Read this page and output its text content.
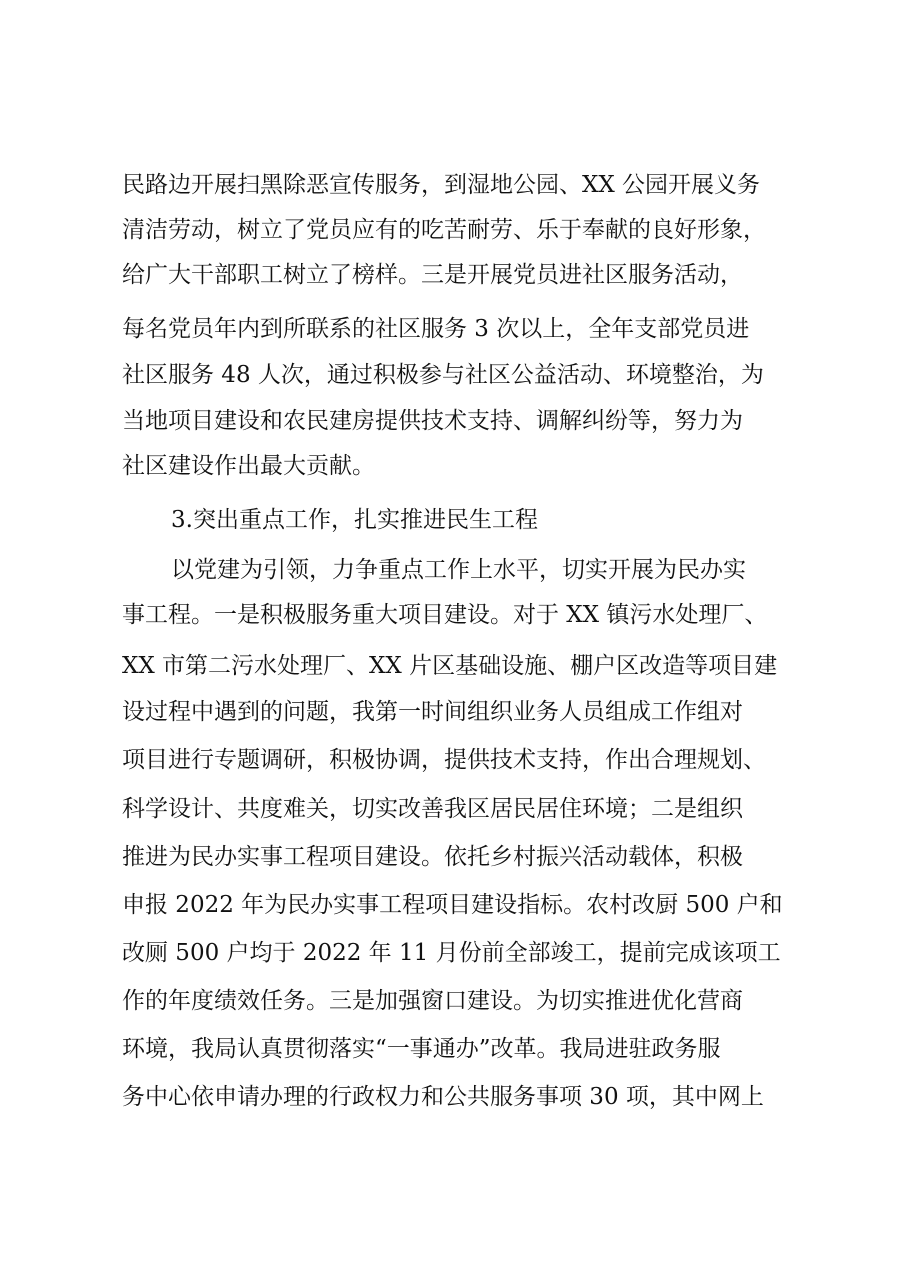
民路边开展扫黑除恶宣传服务，到湿地公园、XX 公园开展义务

清洁劳动，树立了党员应有的吃苦耐劳、乐于奉献的良好形象，

给广大干部职工树立了榜样。三是开展党员进社区服务活动，

每名党员年内到所联系的社区服务 3 次以上，全年支部党员进

社区服务 48 人次，通过积极参与社区公益活动、环境整治，为

当地项目建设和农民建房提供技术支持、调解纠纷等，努力为

社区建设作出最大贡献。

3.突出重点工作，扎实推进民生工程

以党建为引领，力争重点工作上水平，切实开展为民办实

事工程。一是积极服务重大项目建设。对于 XX 镇污水处理厂、

XX 市第二污水处理厂、XX 片区基础设施、棚户区改造等项目建

设过程中遇到的问题，我第一时间组织业务人员组成工作组对

项目进行专题调研，积极协调，提供技术支持，作出合理规划、

科学设计、共度难关，切实改善我区居民居住环境；二是组织

推进为民办实事工程项目建设。依托乡村振兴活动载体，积极

申报 2022 年为民办实事工程项目建设指标。农村改厨 500 户和

改厕 500 户均于 2022 年 11 月份前全部竣工，提前完成该项工

作的年度绩效任务。三是加强窗口建设。为切实推进优化营商

环境，我局认真贯彻落实“一事通办”改革。我局进驻政务服

务中心依申请办理的行政权力和公共服务事项 30 项，其中网上
